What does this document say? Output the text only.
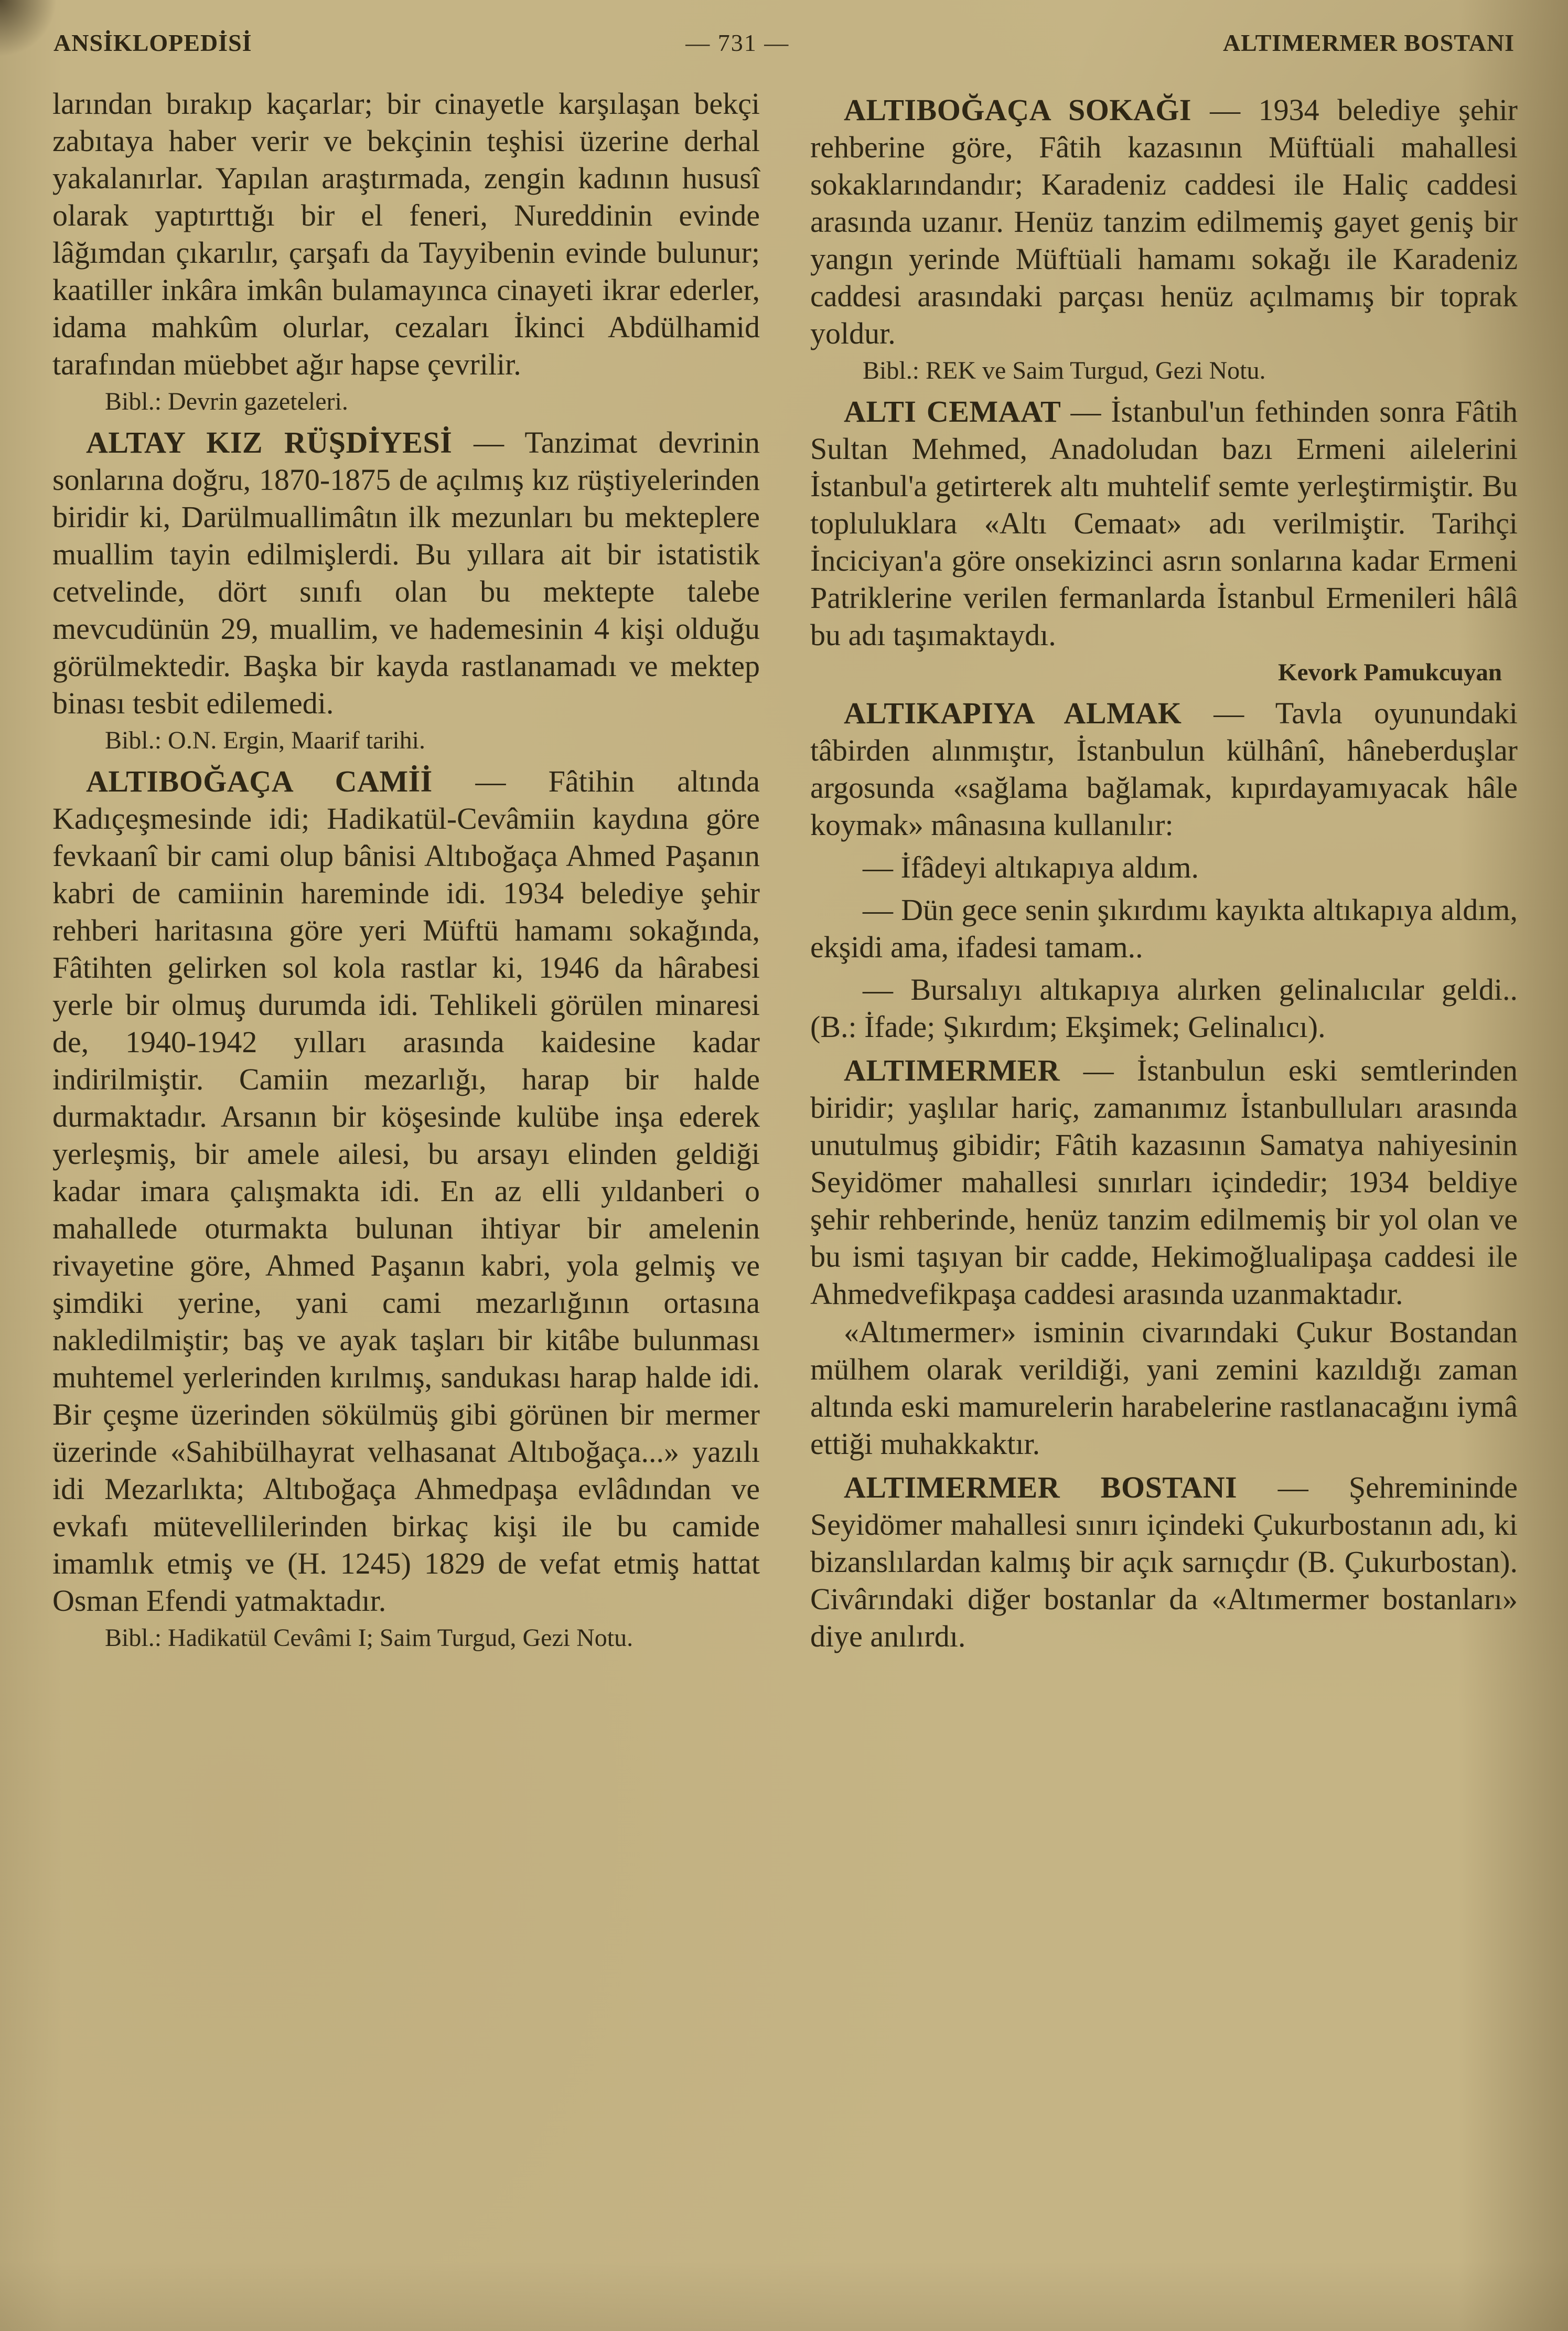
ANSİKLOPEDİSİ	— 731 —	ALTIMERMER BOSTANI

larından bırakıp kaçarlar; bir cinayetle karşılaşan bekçi zabıtaya haber verir ve bekçinin teşhisi üzerine derhal yakalanırlar. Yapılan araştırmada, zengin kadının hususî olarak yaptırttığı bir el feneri, Nureddinin evinde lâğımdan çıkarılır, çarşafı da Tayyibenin evinde bulunur; kaatiller inkâra imkân bulamayınca cinayeti ikrar ederler, idama mahkûm olurlar, cezaları İkinci Abdülhamid tarafından müebbet ağır hapse çevrilir.

Bibl.: Devrin gazeteleri.

ALTAY KIZ RÜŞDİYESİ — Tanzimat devrinin sonlarına doğru, 1870-1875 de açılmış kız rüştiyelerinden biridir ki, Darülmuallimâtın ilk mezunları bu mekteplere muallim tayin edilmişlerdi. Bu yıllara ait bir istatistik cetvelinde, dört sınıfı olan bu mektepte talebe mevcudünün 29, muallim, ve hademesinin 4 kişi olduğu görülmektedir. Başka bir kayda rastlanamadı ve mektep binası tesbit edilemedi.

Bibl.: O.N. Ergin, Maarif tarihi.

ALTIBOĞAÇA CAMİİ — Fâtihin altında Kadıçeşmesinde idi; Hadikatül-Cevâmiin kaydına göre fevkaanî bir cami olup bânisi Altıboğaça Ahmed Paşanın kabri de camiinin hareminde idi. 1934 belediye şehir rehberi haritasına göre yeri Müftü hamamı sokağında, Fâtihten gelirken sol kola rastlar ki, 1946 da hârabesi yerle bir olmuş durumda idi. Tehlikeli görülen minaresi de, 1940-1942 yılları arasında kaidesine kadar indirilmiştir. Camiin mezarlığı, harap bir halde durmaktadır. Arsanın bir köşesinde kulübe inşa ederek yerleşmiş, bir amele ailesi, bu arsayı elinden geldiği kadar imara çalışmakta idi. En az elli yıldanberi o mahallede oturmakta bulunan ihtiyar bir amelenin rivayetine göre, Ahmed Paşanın kabri, yola gelmiş ve şimdiki yerine, yani cami mezarlığının ortasına nakledilmiştir; baş ve ayak taşları bir kitâbe bulunması muhtemel yerlerinden kırılmış, sandukası harap halde idi. Bir çeşme üzerinden sökülmüş gibi görünen bir mermer üzerinde «Sahibülhayrat velhasanat Altıboğaça...» yazılı idi Mezarlıkta; Altıboğaça Ahmedpaşa evlâdından ve evkafı mütevellilerinden birkaç kişi ile bu camide imamlık etmiş ve (H. 1245) 1829 de vefat etmiş hattat Osman Efendi yatmaktadır.

Bibl.: Hadikatül Cevâmi I; Saim Turgud, Gezi Notu.

ALTIBOĞAÇA SOKAĞI — 1934 belediye şehir rehberine göre, Fâtih kazasının Müftüali mahallesi sokaklarındandır; Karadeniz caddesi ile Haliç caddesi arasında uzanır. Henüz tanzim edilmemiş gayet geniş bir yangın yerinde Müftüali hamamı sokağı ile Karadeniz caddesi arasındaki parçası henüz açılmamış bir toprak yoldur.

Bibl.: REK ve Saim Turgud, Gezi Notu.

ALTI CEMAAT — İstanbul'un fethinden sonra Fâtih Sultan Mehmed, Anadoludan bazı Ermeni ailelerini İstanbul'a getirterek altı muhtelif semte yerleştirmiştir. Bu topluluklara «Altı Cemaat» adı verilmiştir. Tarihçi İnciciyan'a göre onsekizinci asrın sonlarına kadar Ermeni Patriklerine verilen fermanlarda İstanbul Ermenileri hâlâ bu adı taşımaktaydı.

Kevork Pamukcuyan

ALTIKAPIYA ALMAK — Tavla oyunundaki tâbirden alınmıştır, İstanbulun külhânî, hâneberduşlar argosunda «sağlama bağlamak, kıpırdayamıyacak hâle koymak» mânasına kullanılır:

— İfâdeyi altıkapıya aldım.

— Dün gece senin şıkırdımı kayıkta altıkapıya aldım, ekşidi ama, ifadesi tamam..

— Bursalıyı altıkapıya alırken gelinalıcılar geldi.. (B.: İfade; Şıkırdım; Ekşimek; Gelinalıcı).

ALTIMERMER — İstanbulun eski semtlerinden biridir; yaşlılar hariç, zamanımız İstanbulluları arasında unutulmuş gibidir; Fâtih kazasının Samatya nahiyesinin Seyidömer mahallesi sınırları içindedir; 1934 beldiye şehir rehberinde, henüz tanzim edilmemiş bir yol olan ve bu ismi taşıyan bir cadde, Hekimoğlualipaşa caddesi ile Ahmedvefikpaşa caddesi arasında uzanmaktadır.

«Altımermer» isminin civarındaki Çukur Bostandan mülhem olarak verildiği, yani zemini kazıldığı zaman altında eski mamurelerin harabelerine rastlanacağını iymâ ettiği muhakkaktır.

ALTIMERMER BOSTANI — Şehremininde Seyidömer mahallesi sınırı içindeki Çukurbostanın adı, ki bizanslılardan kalmış bir açık sarnıçdır (B. Çukurbostan). Civârındaki diğer bostanlar da «Altımermer bostanları» diye anılırdı.
